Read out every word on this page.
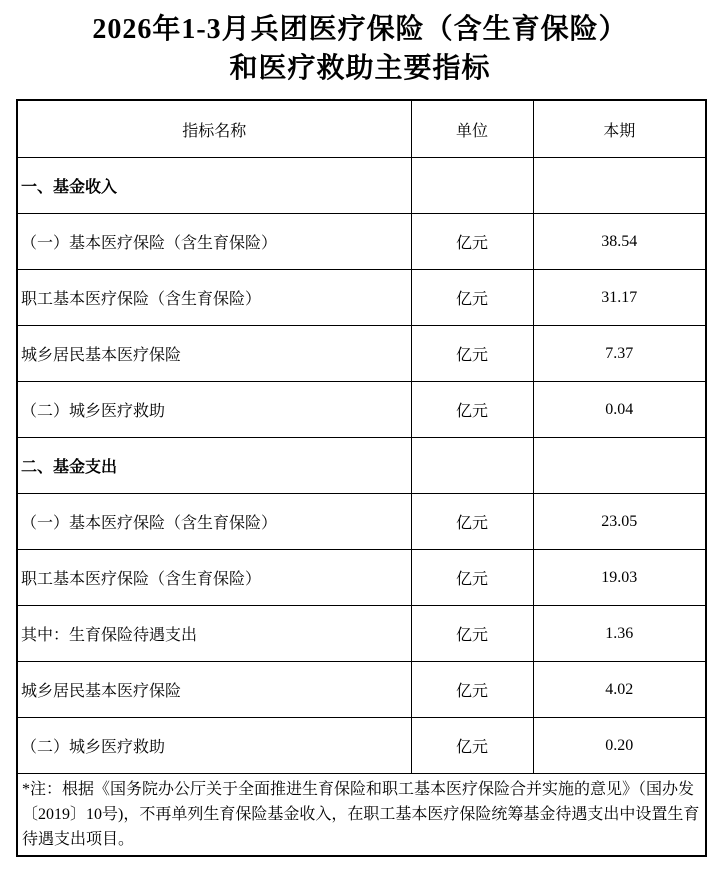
2026年1-3月兵团医疗保险（含生育保险）
和医疗救助主要指标
指标名称	单位	本期
一、基金收入		
（一）基本医疗保险（含生育保险）	亿元	38.54
职工基本医疗保险（含生育保险）	亿元	31.17
城乡居民基本医疗保险	亿元	7.37
（二）城乡医疗救助	亿元	0.04
二、基金支出		
（一）基本医疗保险（含生育保险）	亿元	23.05
职工基本医疗保险（含生育保险）	亿元	19.03
其中：生育保险待遇支出	亿元	1.36
城乡居民基本医疗保险	亿元	4.02
（二）城乡医疗救助	亿元	0.20
*注：根据《国务院办公厅关于全面推进生育保险和职工基本医疗保险合并实施的意见》（国办发〔2019〕10号)，不再单列生育保险基金收入，在职工基本医疗保险统筹基金待遇支出中设置生育待遇支出项目。		
